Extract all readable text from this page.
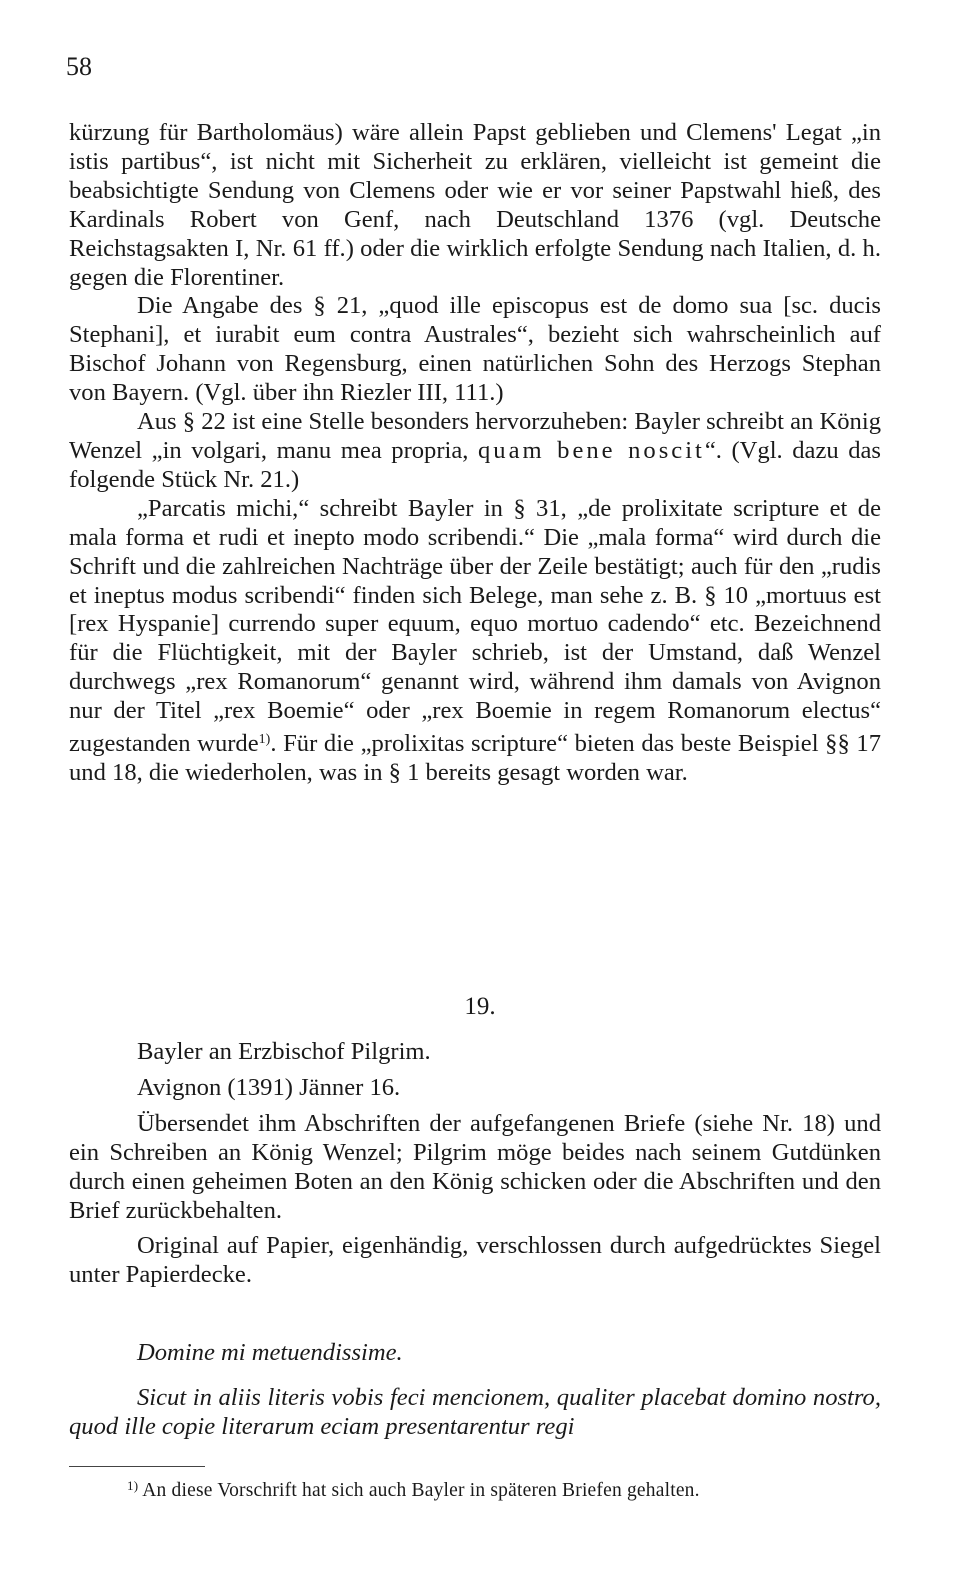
58

kürzung für Bartholomäus) wäre allein Papst geblieben und Clemens' Legat „in istis partibus“, ist nicht mit Sicherheit zu erklären, vielleicht ist gemeint die beabsichtigte Sendung von Clemens oder wie er vor seiner Papstwahl hieß, des Kardinals Robert von Genf, nach Deutschland 1376 (vgl. Deutsche Reichstagsakten I, Nr. 61 ff.) oder die wirklich erfolgte Sendung nach Italien, d. h. gegen die Florentiner.

Die Angabe des § 21, „quod ille episcopus est de domo sua [sc. ducis Stephani], et iurabit eum contra Australes“, bezieht sich wahrscheinlich auf Bischof Johann von Regensburg, einen natürlichen Sohn des Herzogs Stephan von Bayern. (Vgl. über ihn Riezler III, 111.)

Aus § 22 ist eine Stelle besonders hervorzuheben: Bayler schreibt an König Wenzel „in volgari, manu mea propria, quam bene noscit“. (Vgl. dazu das folgende Stück Nr. 21.)

„Parcatis michi,“ schreibt Bayler in § 31, „de prolixitate scripture et de mala forma et rudi et inepto modo scribendi.“ Die „mala forma“ wird durch die Schrift und die zahlreichen Nachträge über der Zeile bestätigt; auch für den „rudis et ineptus modus scribendi“ finden sich Belege, man sehe z. B. § 10 „mortuus est [rex Hyspanie] currendo super equum, equo mortuo cadendo“ etc. Bezeichnend für die Flüchtigkeit, mit der Bayler schrieb, ist der Umstand, daß Wenzel durchwegs „rex Romanorum“ genannt wird, während ihm damals von Avignon nur der Titel „rex Boemie“ oder „rex Boemie in regem Romanorum electus“ zugestanden wurde$^{1)}$. Für die „prolixitas scripture“ bieten das beste Beispiel §§ 17 und 18, die wiederholen, was in § 1 bereits gesagt worden war.

19.

Bayler an Erzbischof Pilgrim.

Avignon (1391) Jänner 16.

Übersendet ihm Abschriften der aufgefangenen Briefe (siehe Nr. 18) und ein Schreiben an König Wenzel; Pilgrim möge beides nach seinem Gutdünken durch einen geheimen Boten an den König schicken oder die Abschriften und den Brief zurückbehalten.

Original auf Papier, eigenhändig, verschlossen durch aufgedrücktes Siegel unter Papierdecke.

Domine mi metuendissime.
Sicut in aliis literis vobis feci mencionem, qualiter placebat domino nostro, quod ille copie literarum eciam presentarentur regi
$^{1)}$ An diese Vorschrift hat sich auch Bayler in späteren Briefen gehalten.
